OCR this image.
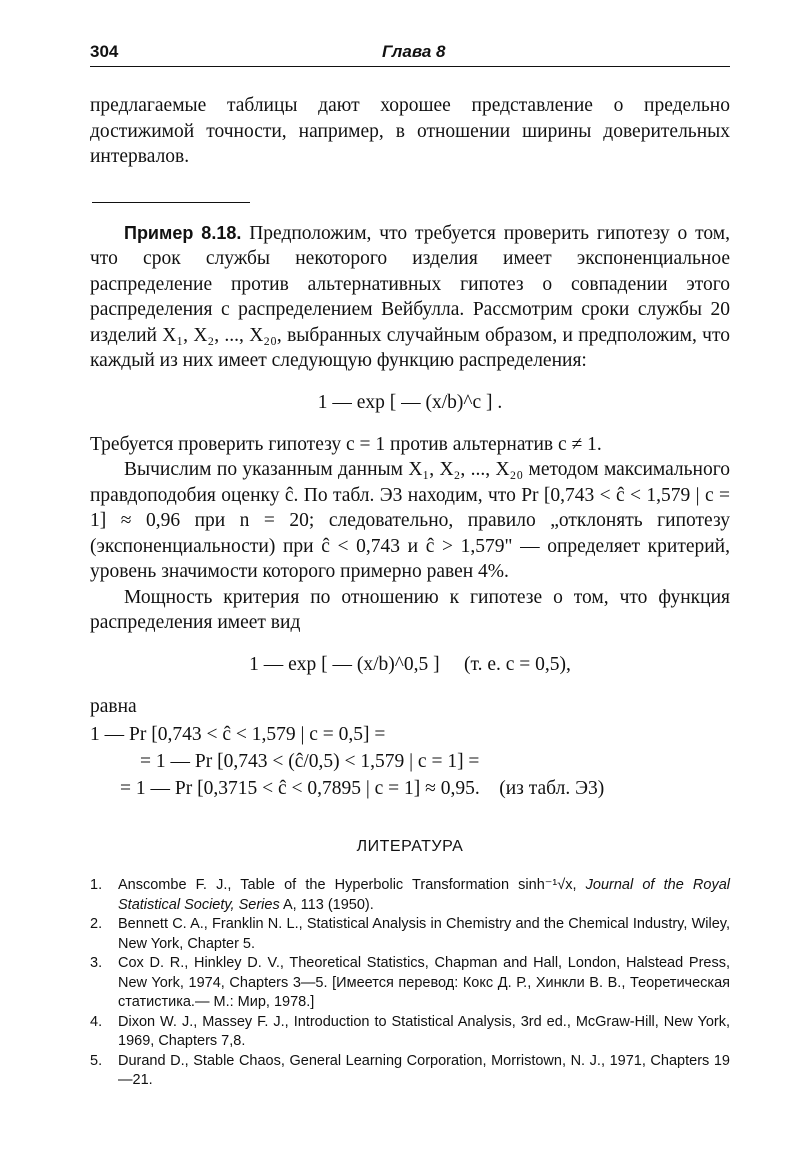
304	Глава 8

предлагаемые таблицы дают хорошее представление о предельно достижимой точности, например, в отношении ширины доверительных интервалов.

Пример 8.18. Предположим, что требуется проверить гипотезу о том, что срок службы некоторого изделия имеет экспоненциальное распределение против альтернативных гипотез о совпадении этого распределения с распределением Вейбулла. Рассмотрим сроки службы 20 изделий X₁, X₂, ..., X₂₀, выбранных случайным образом, и предположим, что каждый из них имеет следующую функцию распределения:

1 — exp [ — (x/b)^c ] .

Требуется проверить гипотезу c = 1 против альтернатив c ≠ 1.

Вычислим по указанным данным X₁, X₂, ..., X₂₀ методом максимального правдоподобия оценку ĉ. По табл. Э3 находим, что Pr [0,743 < ĉ < 1,579 | c = 1] ≈ 0,96 при n = 20; следовательно, правило „отклонять гипотезу (экспоненциальности) при ĉ < 0,743 и ĉ > 1,579" — определяет критерий, уровень значимости которого примерно равен 4%.

Мощность критерия по отношению к гипотезе о том, что функция распределения имеет вид

1 — exp [ — (x/b)^0,5 ] (т. е. c = 0,5),

равна

1 — Pr [0,743 < ĉ < 1,579 | c = 0,5] =
= 1 — Pr [0,743 < (ĉ/0,5) < 1,579 | c = 1] =
= 1 — Pr [0,3715 < ĉ < 0,7895 | c = 1] ≈ 0,95. (из табл. Э3)
ЛИТЕРАТУРА
1. Anscombe F. J., Table of the Hyperbolic Transformation sinh⁻¹√x, Journal of the Royal Statistical Society, Series A, 113 (1950).
2. Bennett C. A., Franklin N. L., Statistical Analysis in Chemistry and the Chemical Industry, Wiley, New York, Chapter 5.
3. Cox D. R., Hinkley D. V., Theoretical Statistics, Chapman and Hall, London, Halstead Press, New York, 1974, Chapters 3—5. [Имеется перевод: Кокс Д. Р., Хинкли В. В., Теоретическая статистика.— М.: Мир, 1978.]
4. Dixon W. J., Massey F. J., Introduction to Statistical Analysis, 3rd ed., McGraw-Hill, New York, 1969, Chapters 7,8.
5. Durand D., Stable Chaos, General Learning Corporation, Morristown, N. J., 1971, Chapters 19—21.
